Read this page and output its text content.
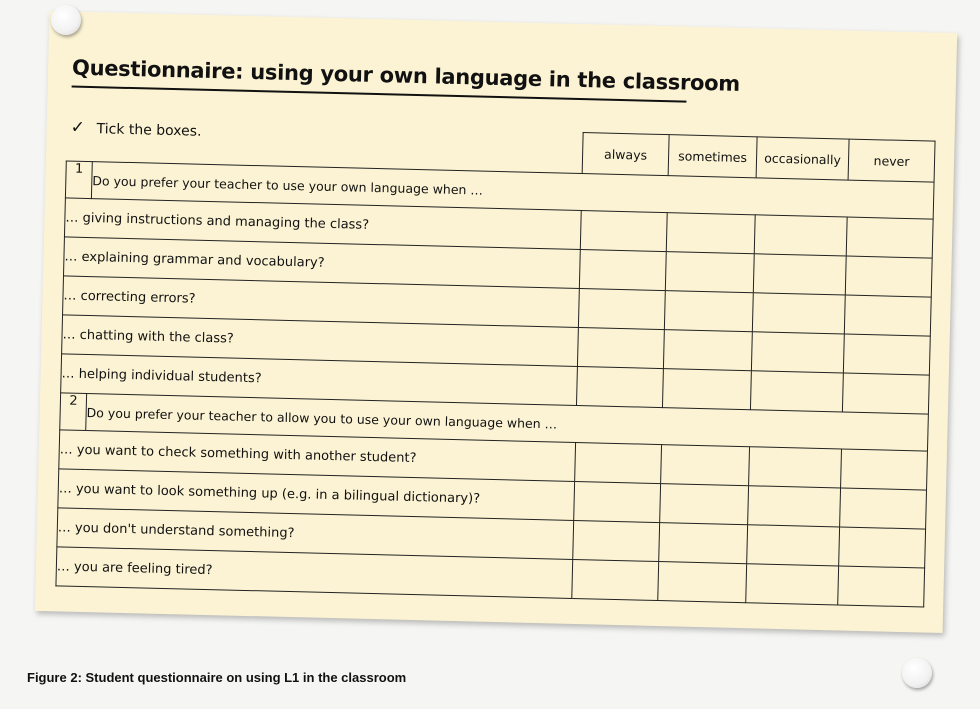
Questionnaire: using your own language in the classroom
✓ Tick the boxes.
		always	sometimes	occasionally	never
1	Do you prefer your teacher to use your own language when …				
… giving instructions and managing the class?					
… explaining grammar and vocabulary?					
… correcting errors?					
… chatting with the class?					
… helping individual students?					
2	Do you prefer your teacher to allow you to use your own language when …				
… you want to check something with another student?					
… you want to look something up (e.g. in a bilingual dictionary)?					
… you don't understand something?					
… you are feeling tired?					
Figure 2: Student questionnaire on using L1 in the classroom
